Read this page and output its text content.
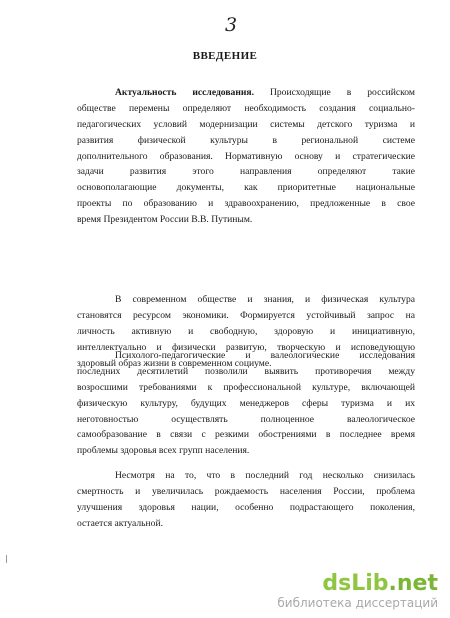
3
ВВЕДЕНИЕ
Актуальность исследования. Происходящие в российском
обществе перемены определяют необходимость создания социально-
педагогических условий модернизации системы детского туризма и
развития физической культуры в региональной системе
дополнительного образования. Нормативную основу и стратегические
задачи развития этого направления определяют такие
основополагающие документы, как приоритетные национальные
проекты по образованию и здравоохранению, предложенные в свое
время Президентом России В.В. Путиным.
В современном обществе и знания, и физическая культура
становятся ресурсом экономики. Формируется устойчивый запрос на
личность активную и свободную, здоровую и инициативную,
интеллектуально и физически развитую, творческую и исповедующую
здоровый образ жизни в современном социуме.
Психолого-педагогические и валеологические исследования
последних десятилетий позволили выявить противоречия между
возросшими требованиями к профессиональной культуре, включающей
физическую культуру, будущих менеджеров сферы туризма и их
неготовностью осуществлять полноценное валеологическое
самообразование в связи с резкими обострениями в последнее время
проблемы здоровья всех групп населения.
Несмотря на то, что в последний год несколько снизилась
смертность и увеличилась рождаемость населения России, проблема
улучшения здоровья нации, особенно подрастающего поколения,
остается актуальной.
dsLib.net
библиотека диссертаций
